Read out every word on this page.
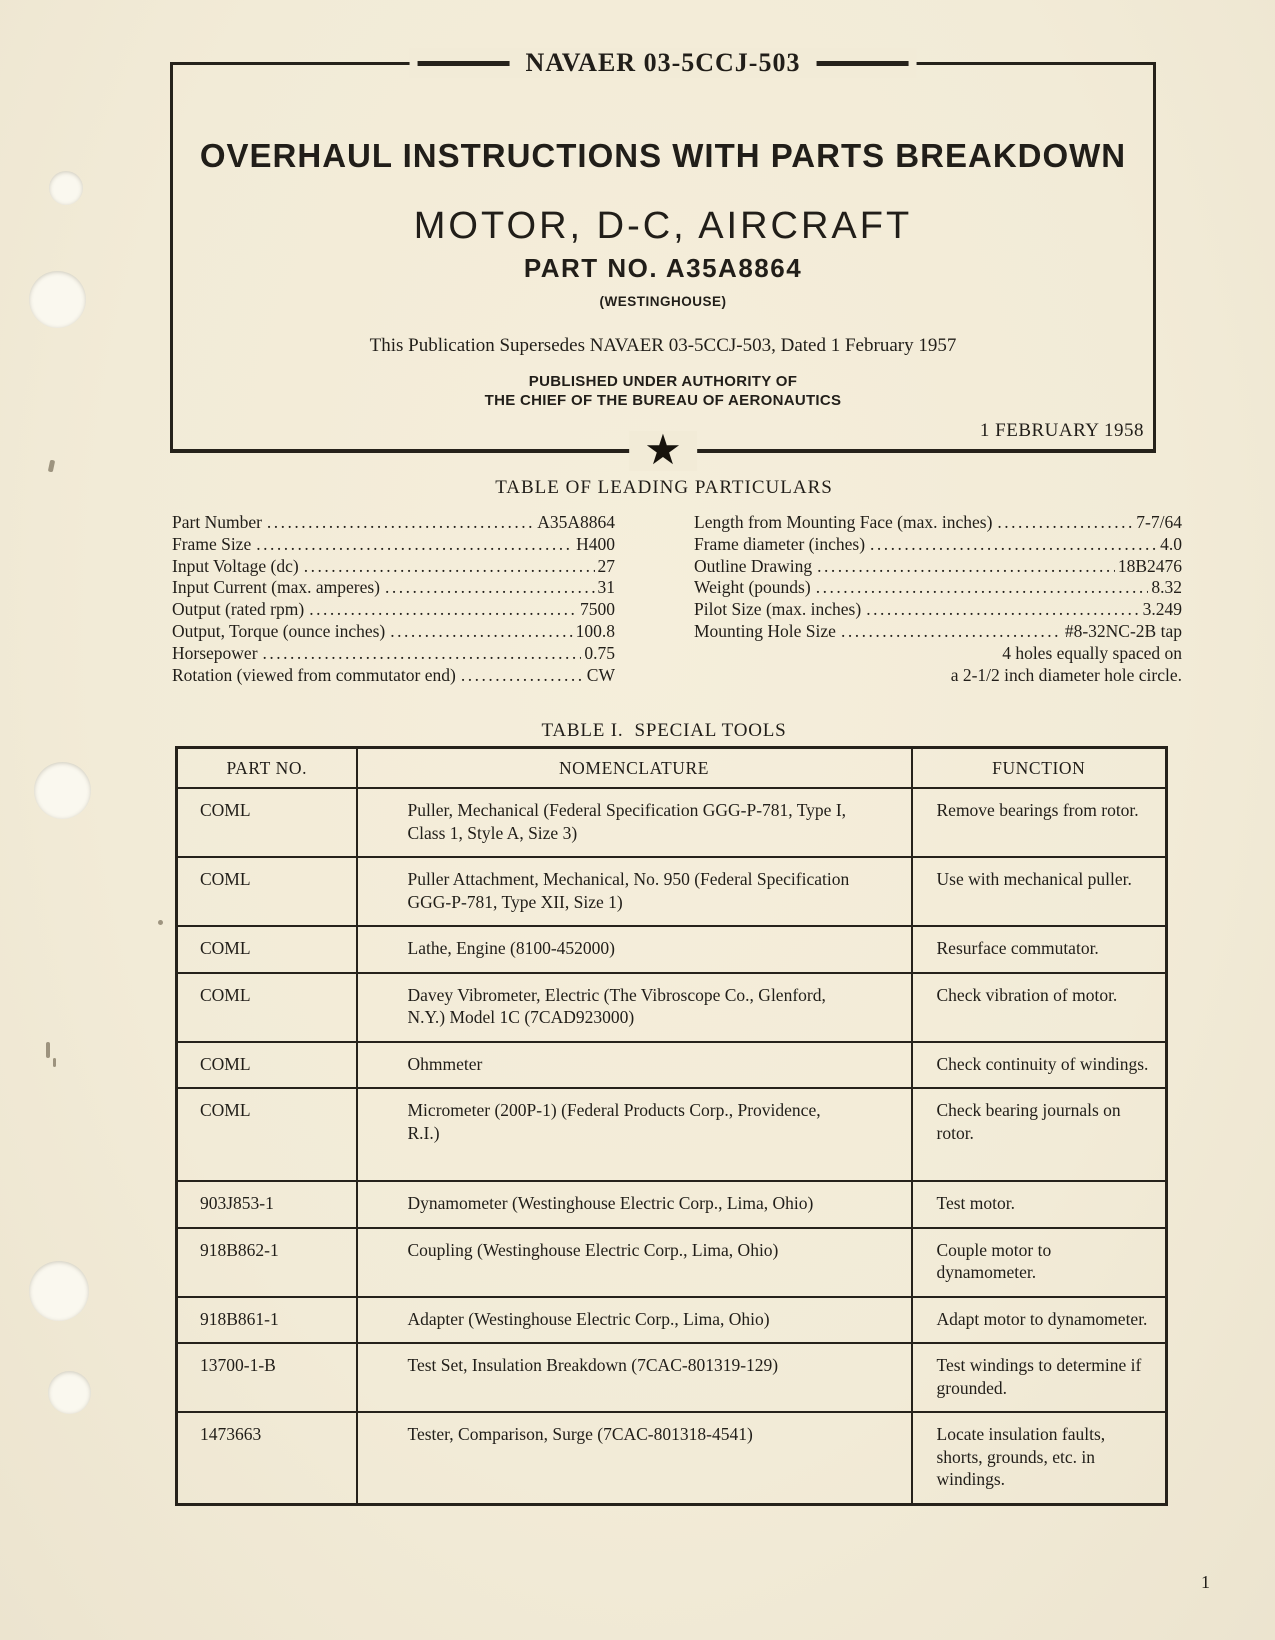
NAVAER 03-5CCJ-503
OVERHAUL INSTRUCTIONS WITH PARTS BREAKDOWN
MOTOR, D-C, AIRCRAFT
PART NO. A35A8864
(WESTINGHOUSE)
This Publication Supersedes NAVAER 03-5CCJ-503, Dated 1 February 1957
PUBLISHED UNDER AUTHORITY OF
THE CHIEF OF THE BUREAU OF AERONAUTICS
1 FEBRUARY 1958
★
TABLE OF LEADING PARTICULARS
Part Number .....	A35A8864
Frame Size .....	H400
Input Voltage (dc) .....	27
Input Current (max. amperes) .....	31
Output (rated rpm) .....	7500
Output, Torque (ounce inches) .....	100.8
Horsepower .....	0.75
Rotation (viewed from commutator end) .....	CW
Length from Mounting Face (max. inches) .....	7-7/64
Frame diameter (inches) .....	4.0
Outline Drawing .....	18B2476
Weight (pounds) .....	8.32
Pilot Size (max. inches) .....	3.249
Mounting Hole Size .....	#8-32NC-2B tap
4 holes equally spaced on
a 2-1/2 inch diameter hole circle.
TABLE I.  SPECIAL TOOLS
PART NO.	NOMENCLATURE	FUNCTION
COML	Puller, Mechanical (Federal Specification GGG-P-781, Type I, Class 1, Style A, Size 3)	Remove bearings from rotor.
COML	Puller Attachment, Mechanical, No. 950 (Federal Specification GGG-P-781, Type XII, Size 1)	Use with mechanical puller.
COML	Lathe, Engine (8100-452000)	Resurface commutator.
COML	Davey Vibrometer, Electric (The Vibroscope Co., Glenford, N.Y.) Model 1C (7CAD923000)	Check vibration of motor.
COML	Ohmmeter	Check continuity of windings.
COML	Micrometer (200P-1) (Federal Products Corp., Providence, R.I.)	Check bearing journals on rotor.
903J853-1	Dynamometer (Westinghouse Electric Corp., Lima, Ohio)	Test motor.
918B862-1	Coupling (Westinghouse Electric Corp., Lima, Ohio)	Couple motor to dynamometer.
918B861-1	Adapter (Westinghouse Electric Corp., Lima, Ohio)	Adapt motor to dynamometer.
13700-1-B	Test Set, Insulation Breakdown (7CAC-801319-129)	Test windings to determine if grounded.
1473663	Tester, Comparison, Surge (7CAC-801318-4541)	Locate insulation faults, shorts, grounds, etc. in windings.
1
